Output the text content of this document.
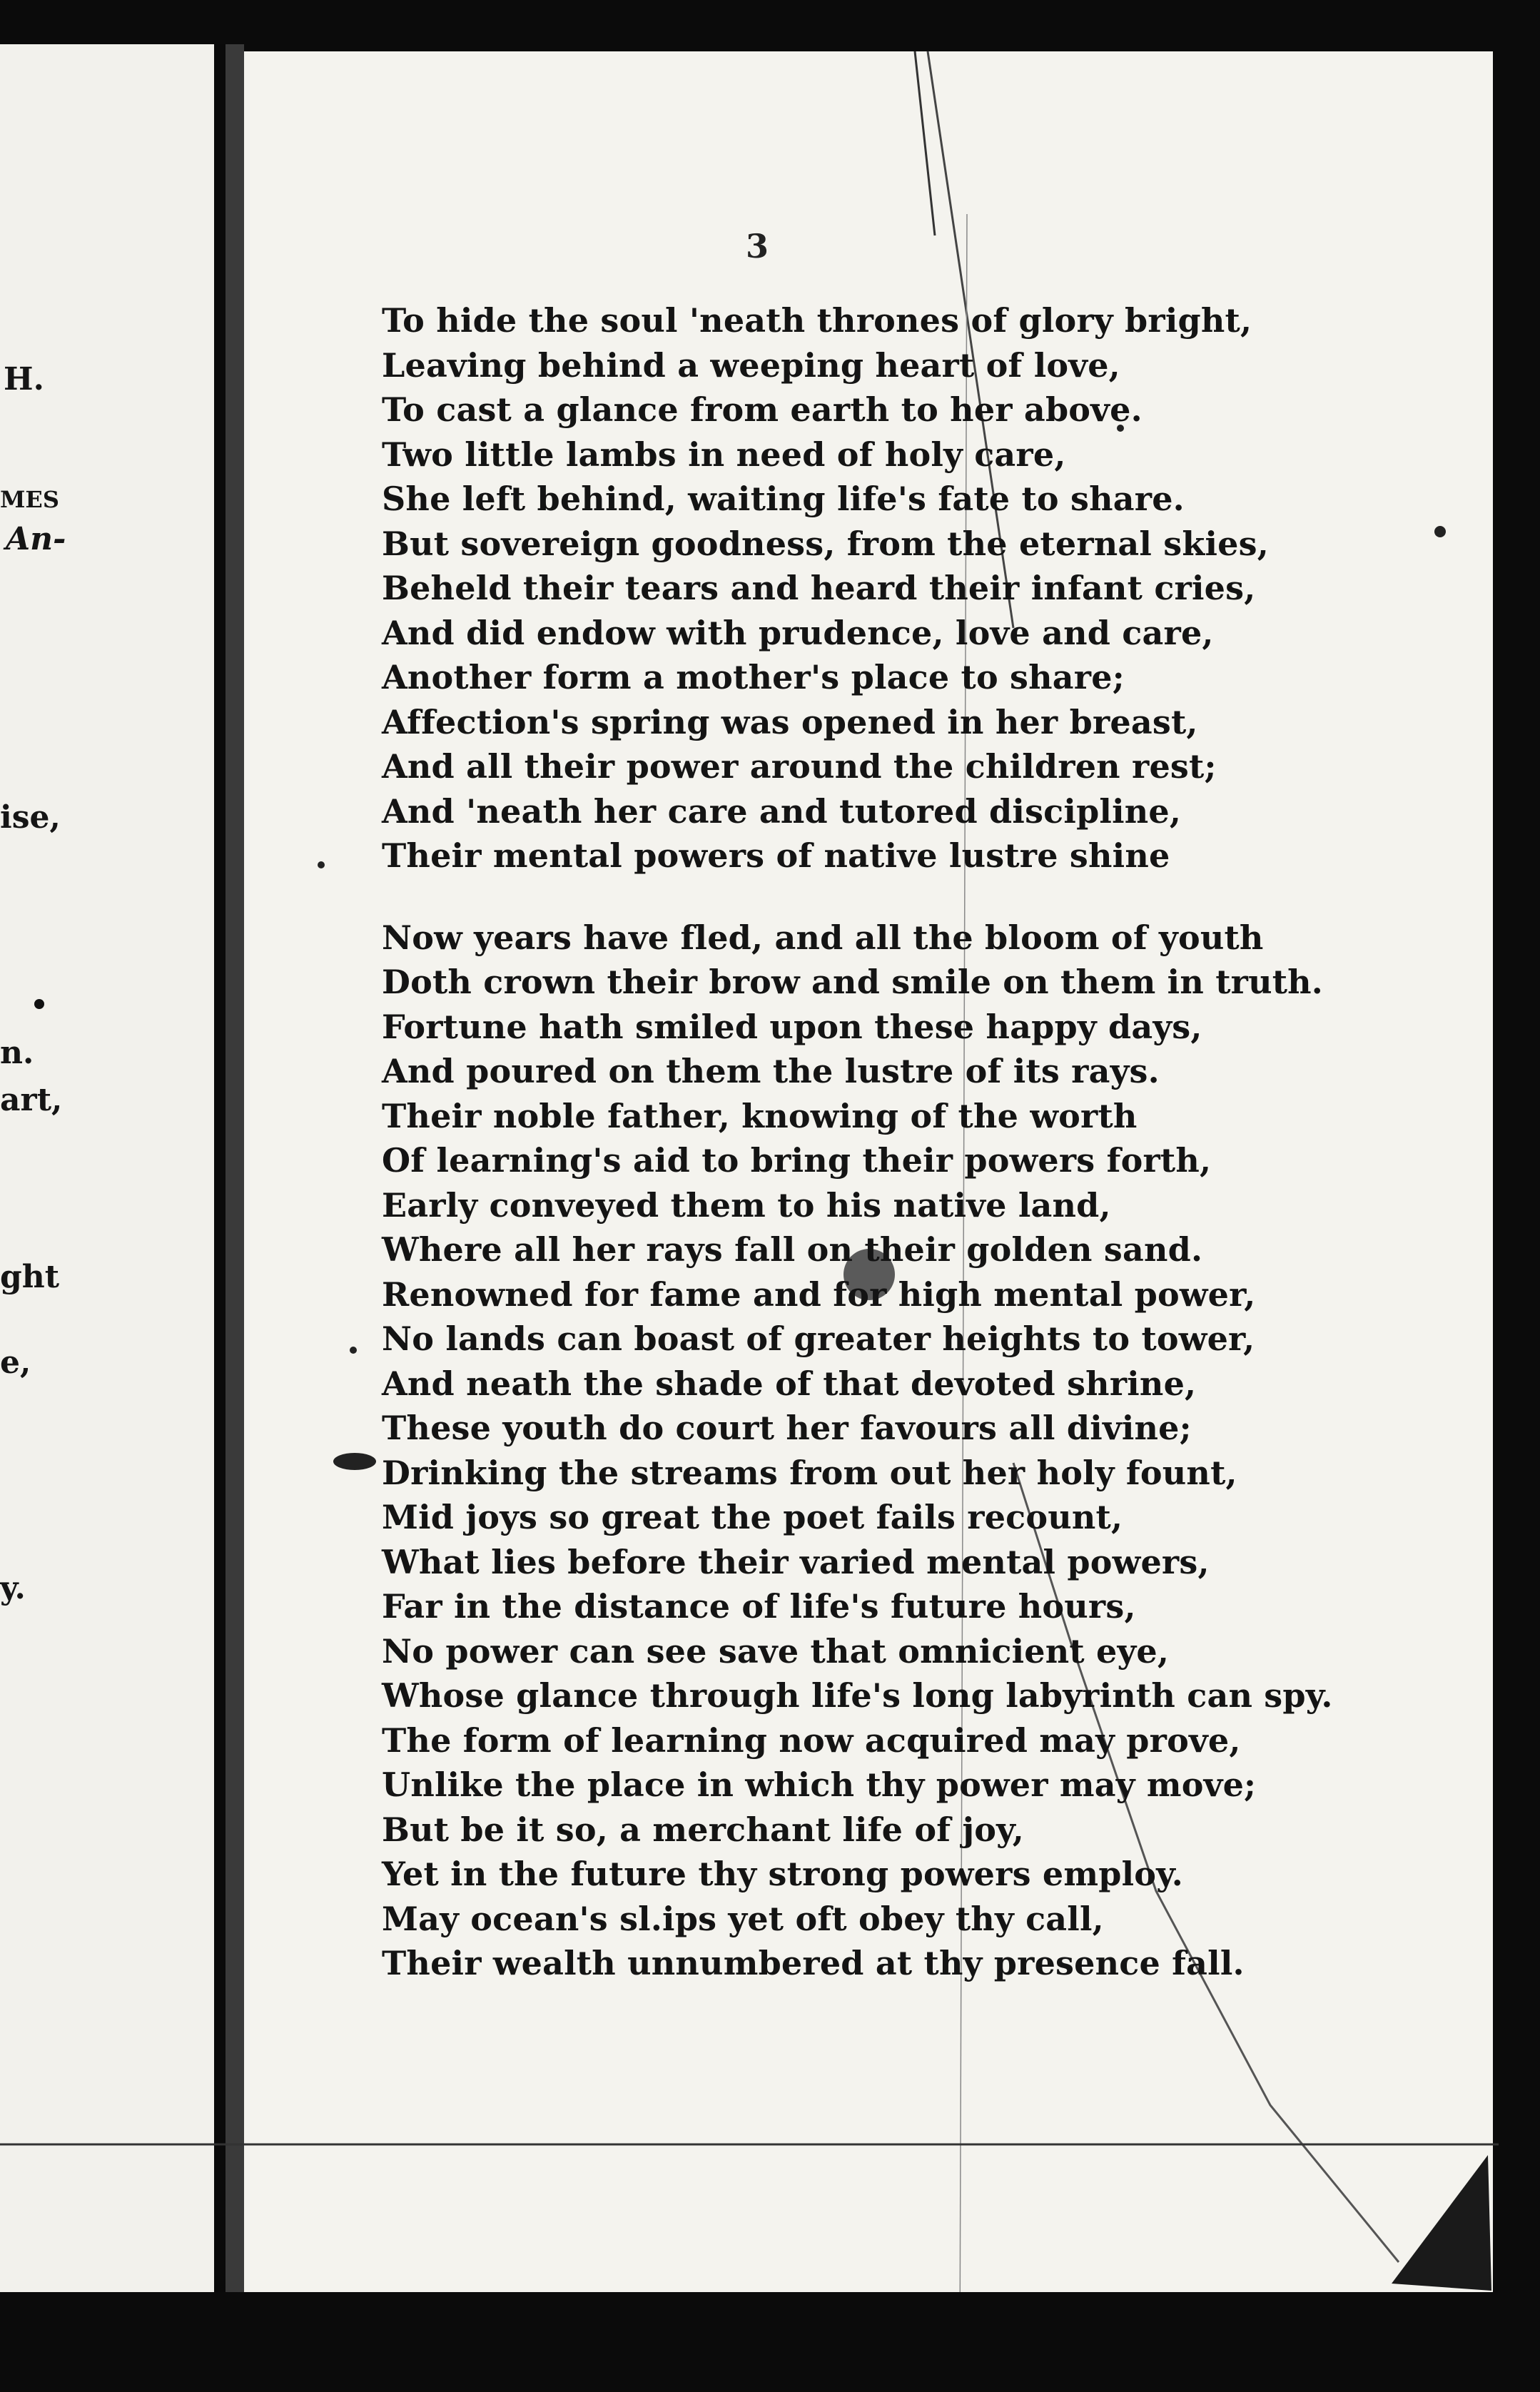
H.
MES
An-
ise,
n.
art,
ght
e,
y.
3
To hide the soul 'neath thrones of glory bright,
Leaving behind a weeping heart of love,
To cast a glance from earth to her above.
Two little lambs in need of holy care,
She left behind, waiting life's fate to share.
But sovereign goodness, from the eternal skies,
Beheld their tears and heard their infant cries,
And did endow with prudence, love and care,
Another form a mother's place to share;
Affection's spring was opened in her breast,
And all their power around the children rest;
And 'neath her care and tutored discipline,
Their mental powers of native lustre shine
Now years have fled, and all the bloom of youth
Doth crown their brow and smile on them in truth.
Fortune hath smiled upon these happy days,
And poured on them the lustre of its rays.
Their noble father, knowing of the worth
Of learning's aid to bring their powers forth,
Early conveyed them to his native land,
Where all her rays fall on their golden sand.
Renowned for fame and for high mental power,
No lands can boast of greater heights to tower,
And neath the shade of that devoted shrine,
These youth do court her favours all divine;
Drinking the streams from out her holy fount,
Mid joys so great the poet fails recount,
What lies before their varied mental powers,
Far in the distance of life's future hours,
No power can see save that omnicient eye,
Whose glance through life's long labyrinth can spy.
The form of learning now acquired may prove,
Unlike the place in which thy power may move;
But be it so, a merchant life of joy,
Yet in the future thy strong powers employ.
May ocean's sl.ips yet oft obey thy call,
Their wealth unnumbered at thy presence fall.
